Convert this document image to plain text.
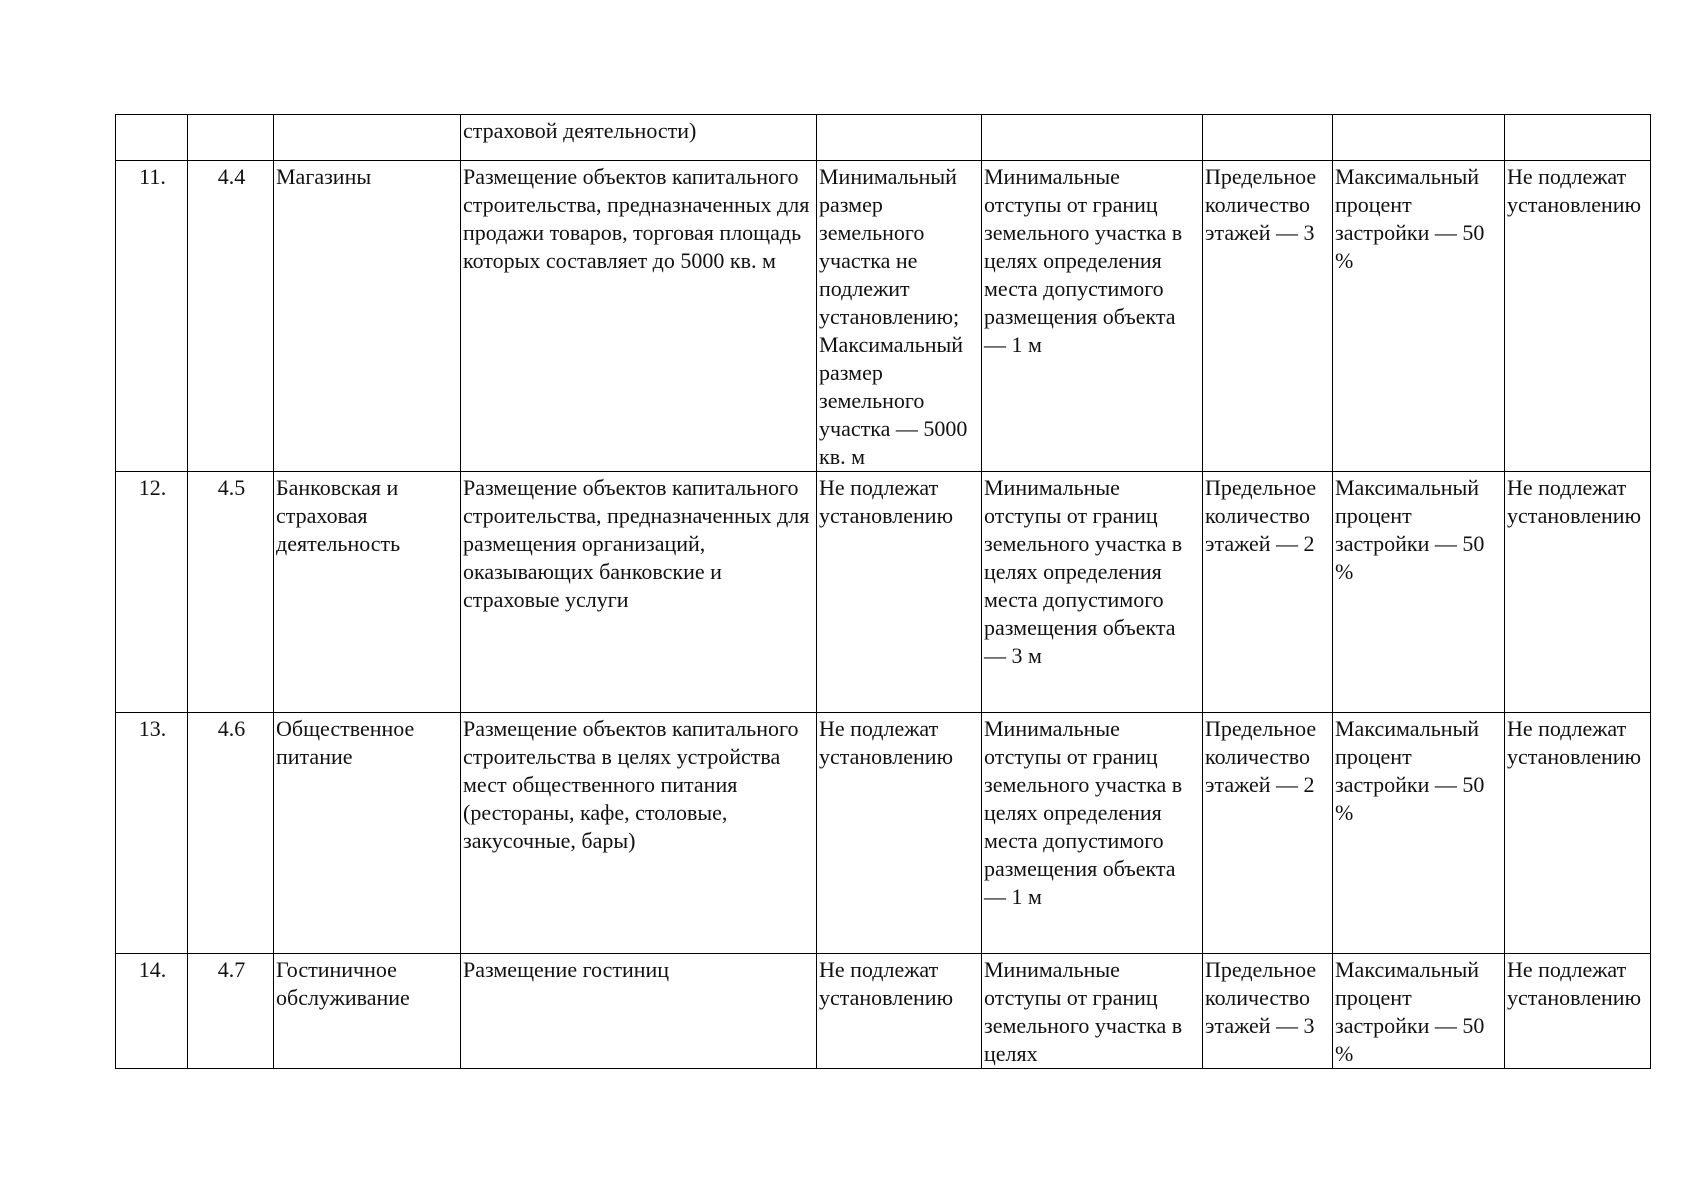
			страховой деятельности)					
11.	4.4	Магазины	Размещение объектов капитального строительства, предназначенных для продажи товаров, торговая площадь которых составляет до 5000 кв. м	Минимальный размер земельного участка не подлежит установлению; Максимальный размер земельного участка — 5000 кв. м	Минимальные отступы от границ земельного участка в целях определения места допустимого размещения объекта — 1 м	Предельное количество этажей — 3	Максимальный процент застройки — 50 %	Не подлежат установлению
12.	4.5	Банковская и страховая деятельность	Размещение объектов капитального строительства, предназначенных для размещения организаций, оказывающих банковские и страховые услуги	Не подлежат установлению	Минимальные отступы от границ земельного участка в целях определения места допустимого размещения объекта — 3 м	Предельное количество этажей — 2	Максимальный процент застройки — 50 %	Не подлежат установлению
13.	4.6	Общественное питание	Размещение объектов капитального строительства в целях устройства мест общественного питания (рестораны, кафе, столовые, закусочные, бары)	Не подлежат установлению	Минимальные отступы от границ земельного участка в целях определения места допустимого размещения объекта — 1 м	Предельное количество этажей — 2	Максимальный процент застройки — 50 %	Не подлежат установлению
14.	4.7	Гостиничное обслуживание	Размещение гостиниц	Не подлежат установлению	Минимальные отступы от границ земельного участка в целях	Предельное количество этажей — 3	Максимальный процент застройки — 50 %	Не подлежат установлению
